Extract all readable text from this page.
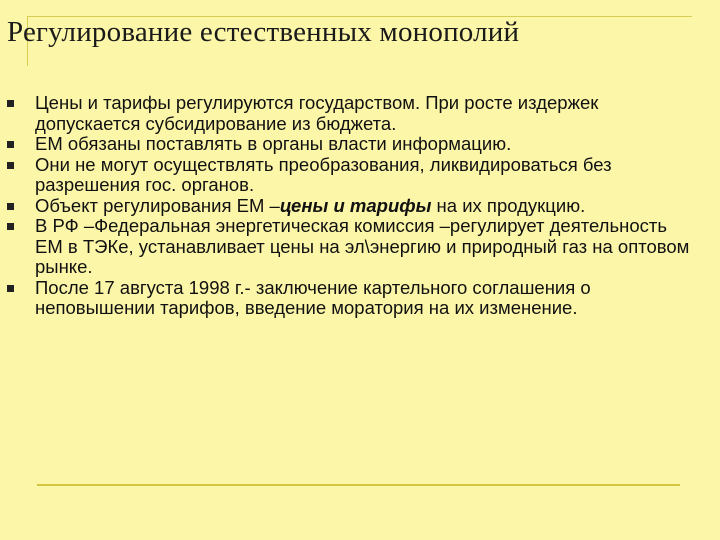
Регулирование естественных монополий
Цены и тарифы регулируются государством. При росте издержек допускается субсидирование из бюджета.
ЕМ обязаны поставлять в органы власти информацию.
Они не могут осуществлять преобразования, ликвидироваться без разрешения гос. органов.
Объект регулирования ЕМ –цены и тарифы на их продукцию.
В РФ –Федеральная энергетическая комиссия –регулирует деятельность ЕМ в ТЭКе, устанавливает цены на эл\энергию и природный газ на оптовом рынке.
После 17 августа 1998 г.- заключение картельного соглашения о неповышении тарифов, введение моратория на их изменение.
